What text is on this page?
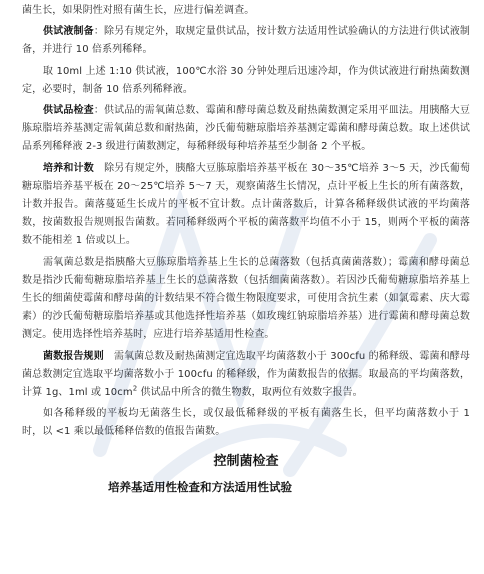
菌生长，如果阴性对照有菌生长，应进行偏差调查。

供试液制备：除另有规定外，取规定量供试品，按计数方法适用性试验确认的方法进行供试液制备，并进行 10 倍系列稀释。

取 10ml 上述 1:10 供试液，100℃水浴 30 分钟处理后迅速冷却，作为供试液进行耐热菌数测定，必要时，制备 10 倍系列稀释液。

供试品检查：供试品的需氧菌总数、霉菌和酵母菌总数及耐热菌数测定采用平皿法。用胰酪大豆胨琼脂培养基测定需氧菌总数和耐热菌，沙氏葡萄糖琼脂培养基测定霉菌和酵母菌总数。取上述供试品系列稀释液 2-3 级进行菌数测定，每稀释级每种培养基至少制备 2 个平板。

培养和计数　除另有规定外，胰酪大豆胨琼脂培养基平板在 30～35℃培养 3～5 天，沙氏葡萄糖琼脂培养基平板在 20～25℃培养 5～7 天，观察菌落生长情况，点计平板上生长的所有菌落数，计数并报告。菌落蔓延生长成片的平板不宜计数。点计菌落数后，计算各稀释级供试液的平均菌落数，按菌数报告规则报告菌数。若同稀释级两个平板的菌落数平均值不小于 15，则两个平板的菌落数不能相差 1 倍或以上。

需氧菌总数是指胰酪大豆胨琼脂培养基上生长的总菌落数（包括真菌菌落数）；霉菌和酵母菌总数是指沙氏葡萄糖琼脂培养基上生长的总菌落数（包括细菌菌落数）。若因沙氏葡萄糖琼脂培养基上生长的细菌使霉菌和酵母菌的计数结果不符合微生物限度要求，可使用含抗生素（如氯霉素、庆大霉素）的沙氏葡萄糖琼脂培养基或其他选择性培养基（如玫瑰红钠琼脂培养基）进行霉菌和酵母菌总数测定。使用选择性培养基时，应进行培养基适用性检查。

菌数报告规则　需氧菌总数及耐热菌测定宜选取平均菌落数小于 300cfu 的稀释级、霉菌和酵母菌总数测定宜选取平均菌落数小于 100cfu 的稀释级，作为菌数报告的依据。取最高的平均菌落数，计算 1g、1ml 或 $10cm^2$ 供试品中所含的微生物数，取两位有效数字报告。

如各稀释级的平板均无菌落生长，或仅最低稀释级的平板有菌落生长，但平均菌落数小于 1 时，以 <1 乘以最低稀释倍数的值报告菌数。

控制菌检查
培养基适用性检查和方法适用性试验
